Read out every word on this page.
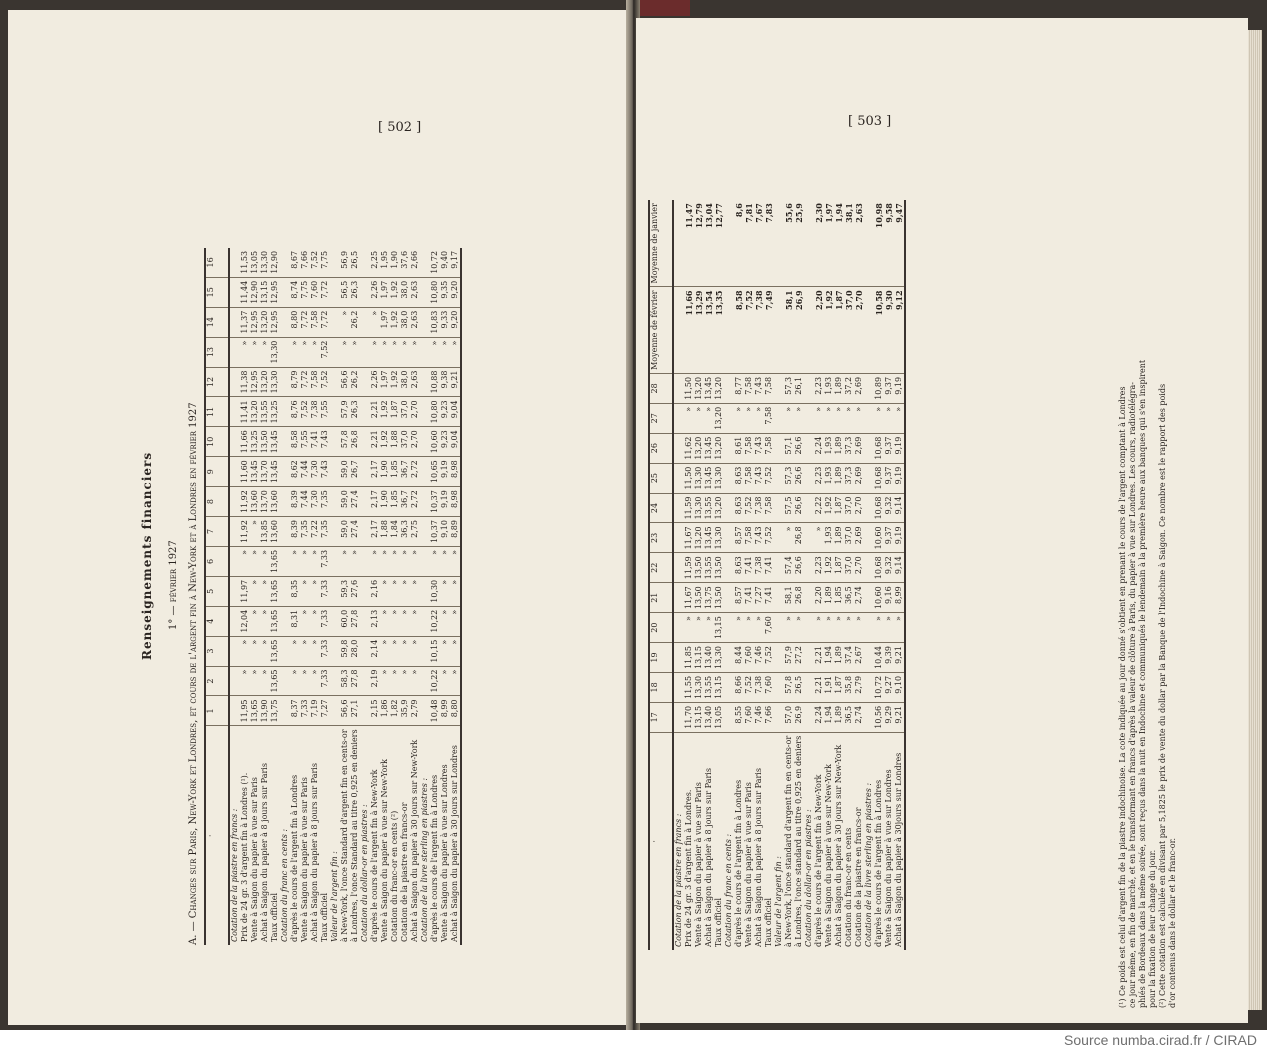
[ 502 ]
Renseignements financiers 1° — février 1927 A. — Changes sur Paris, New-York et Londres, et cours de l'argent fin à New-York et à Londres en février 1927 ·	1	2	3	4	5	6	7	8	9	10	11	12	13	14	15	16
Cotation de la piastre en francs :																
Prix de 24 gr. 3 d'argent fin à Londres (¹).	11,95	»	»	12,04	11,97	»	11,92	11,92	11,60	11,66	11,41	11,38	»	11,37	11,44	11,53
Vente à Saigon du papier à vue sur Paris	13,65	»	»	»	»	»	»	13,60	13,45	13,25	13,20	12,95	»	12,95	12,90	13,05
Achat à Saigon du papier à 8 jours sur Paris	13,90	»	»	»	»	»	13,85	13,70	13,70	13,50	13,55	13,20	»	13,20	13,15	13,30
Taux officiel	13,75	13,65	13,65	13,65	13,65	13,65	13,60	13,60	13,45	13,45	13,25	13,30	13,30	12,95	12,95	12,90
Cotation du franc en cents :																
d'après le cours de l'argent fin à Londres	8,37	»	»	8,31	8,35	»	8,39	8,39	8,62	8,58	8,76	8,79	»	8,80	8,74	8,67
Vente à Saigon du papier à vue sur Paris	7,33	»	»	»	»	»	7,35	7,44	7,44	7,55	7,52	7,72	»	7,72	7,75	7,66
Achat à Saigon du papier à 8 jours sur Paris	7,19	»	»	»	»	»	7,22	7,30	7,30	7,41	7,38	7,58	»	7,58	7,60	7,52
Taux officiel	7,27	7,33	7,33	7,33	7,33	7,33	7,35	7,35	7,43	7,43	7,55	7,52	7,52	7,72	7,72	7,75
Valeur de l'argent fin :																
à New-York, l'once Standard d'argent fin en cents-or	56,6	58,3	59,8	60,0	59,3	»	59,0	59,0	59,0	57,8	57,9	56,6	»	»	56,5	56,9
à Londres, l'once Standard au titre 0,925 en deniers	27,1	27,8	28,0	27,8	27,6	»	27,4	27,4	26,7	26,8	26,3	26,2	»	26,2	26,3	26,5
Cotation du dollar-or en piastres :																
d'après le cours de l'argent fin à New-York	2,15	2,19	2,14	2,13	2,16	»	2,17	2,17	2,17	2,21	2,21	2,26	»	»	2,26	2,25
Vente à Saigon du papier à vue sur New-York	1,86	»	»	»	»	»	1,88	1,90	1,90	1,92	1,92	1,97	»	1,97	1,97	1,95
Cotation du franc-or en cents (²)	1,82	»	»	»	»	»	1,84	1,85	1,85	1,88	1,87	1,92	»	1,92	1,92	1,90
Cotation de la piastre en francs-or	35,9	»	»	»	»	»	36,3	36,7	36,7	37,0	37,0	38,0	»	38,0	38,0	37,6
Achat à Saigon du papier à 30 jours sur New-York	2,79	»	»	»	»	»	2,75	2,72	2,72	2,70	2,70	2,63	»	2,63	2,63	2,66
Cotation de la livre sterling en piastres :																
d'après le cours de l'argent fin à Londres	10,48	10,22	10,15	10,22	10,30	»	10,37	10,37	10,65	10,60	10,80	10,88	»	10,83	10,80	10,72
Vente à Saigon du papier à vue sur Londres	8,99	»	»	»	»	»	9,10	9,19	9,19	9,23	9,23	9,38	»	9,33	9,35	9,40
Achat à Saigon du papier à 30 jours sur Londres	8,80	»	»	»	»	»	8,89	8,98	8,98	9,04	9,04	9,21	»	9,20	9,20	9,17
[ 503 ]
·	17	18	19	20	21	22	23	24	25	26	27	28	Moyenne de février	Moyenne de janvier
Cotation de la piastre en francs :														
Prix de 24 gr. 3 d'argent fin à Londres.	11,70	11,55	11,85	»	11,67	11,59	11,67	11,59	11,50	11,62	»	11,50	11,66	11,47
Vente à Saigon du papier à vue sur Paris	13,15	13,30	13,15	»	13,50	13,50	13,20	13,30	13,30	13,20	»	13,20	13,29	12,79
Achat à Saigon du papier à 8 jours sur Paris	13,40	13,55	13,40	»	13,75	13,55	13,45	13,55	13,45	13,45	»	13,45	13,54	13,04
Taux officiel	13,05	13,15	13,30	13,15	13,50	13,50	13,30	13,20	13,30	13,20	13,20	13,20	13,35	12,77
Cotation du franc en cents :														
d'après le cours de l'argent fin à Londres	8,55	8,66	8,44	»	8,57	8,63	8,57	8,63	8,63	8,61	»	8,77	8,58	8,6
Vente à Saigon du papier à vue sur Paris	7,60	7,52	7,60	»	7,41	7,41	7,58	7,52	7,58	7,58	»	7,58	7,52	7,81
Achat à Saigon du papier à 8 jours sur Paris	7,46	7,38	7,46	»	7,27	7,38	7,43	7,38	7,43	7,43	»	7,43	7,38	7,67
Taux officiel	7,66	7,60	7,52	7,60	7,41	7,41	7,52	7,58	7,52	7,58	7,58	7,58	7,49	7,83
Valeur de l'argent fin :														
à New-York, l'once standard d'argent fin en cents-or	57,0	57,8	57,9	»	58,1	57,4	»	57,5	57,3	57,1	»	57,3	58,1	55,6
à Londres, l'once standard au titre 0,925 en deniers	26,9	26,5	27,2	»	26,8	26,6	26,8	26,6	26,6	26,6	»	26,1	26,9	25,9
Cotation du dollar-or en piastres :														
d'après le cours de l'argent fin à New-York	2,24	2,21	2,21	»	2,20	2,23	»	2,22	2,23	2,24	»	2,23	2,20	2,30
Vente à Saigon du papier à vue sur New-York	1,94	1,91	1,94	»	1,89	1,92	1,93	1,92	1,93	1,93	»	1,93	1,92	1,97
Achat à Saigon du papier à 30 jours sur New-York	1,89	1,87	1,89	»	1,85	1,87	1,89	1,87	1,89	1,89	»	1,89	1,87	1,94
Cotation du franc-or en cents	36,5	35,8	37,4	»	36,5	37,0	37,0	37,0	37,3	37,3	»	37,2	37,0	38,1
Cotation de la piastre en francs-or	2,74	2,79	2,67	»	2,74	2,70	2,69	2,70	2,69	2,69	»	2,69	2,70	2,63
Cotation de la livre sterling en piastres :														
d'après le cours de l'argent fin à Londres	10,56	10,72	10,44	»	10,60	10,68	10,60	10,68	10,68	10,68	»	10,89	10,58	10,98
Vente à Saigon du papier à vue sur Londres	9,29	9,27	9,39	»	9,16	9,32	9,37	9,32	9,37	9,37	»	9,37	9,30	9,58
Achat à Saigon du papier à 30jours sur Londres	9,21	9,10	9,21	»	8,99	9,14	9,19	9,14	9,19	9,19	»	9,19	9,12	9,47
(¹) Ce poids est celui d'argent fin de la piastre indochinoise. La cote indiquée au jour donné s'obtient en prenant le cours de l'argent comptant à Londres ce jour même, en fin de marché, et en le transformant en francs d'après la valeur de clôture à Paris, du papier à vue sur Londres. Les cours, radiotélégra- phiés de Bordeaux dans la même soirée, sont reçus dans la nuit en Indochine et communiqués le lendemain à la première heure aux banques qui s'en inspirent pour la fixation de leur change du jour. (²) Cette cotation est calculée en divisant par 5,1825 le prix de vente du dollar par la Banque de l'Indochine à Saigon. Ce nombre est le rapport des poids d'or contenus dans le dollar et le franc-or.
Source numba.cirad.fr / CIRAD
